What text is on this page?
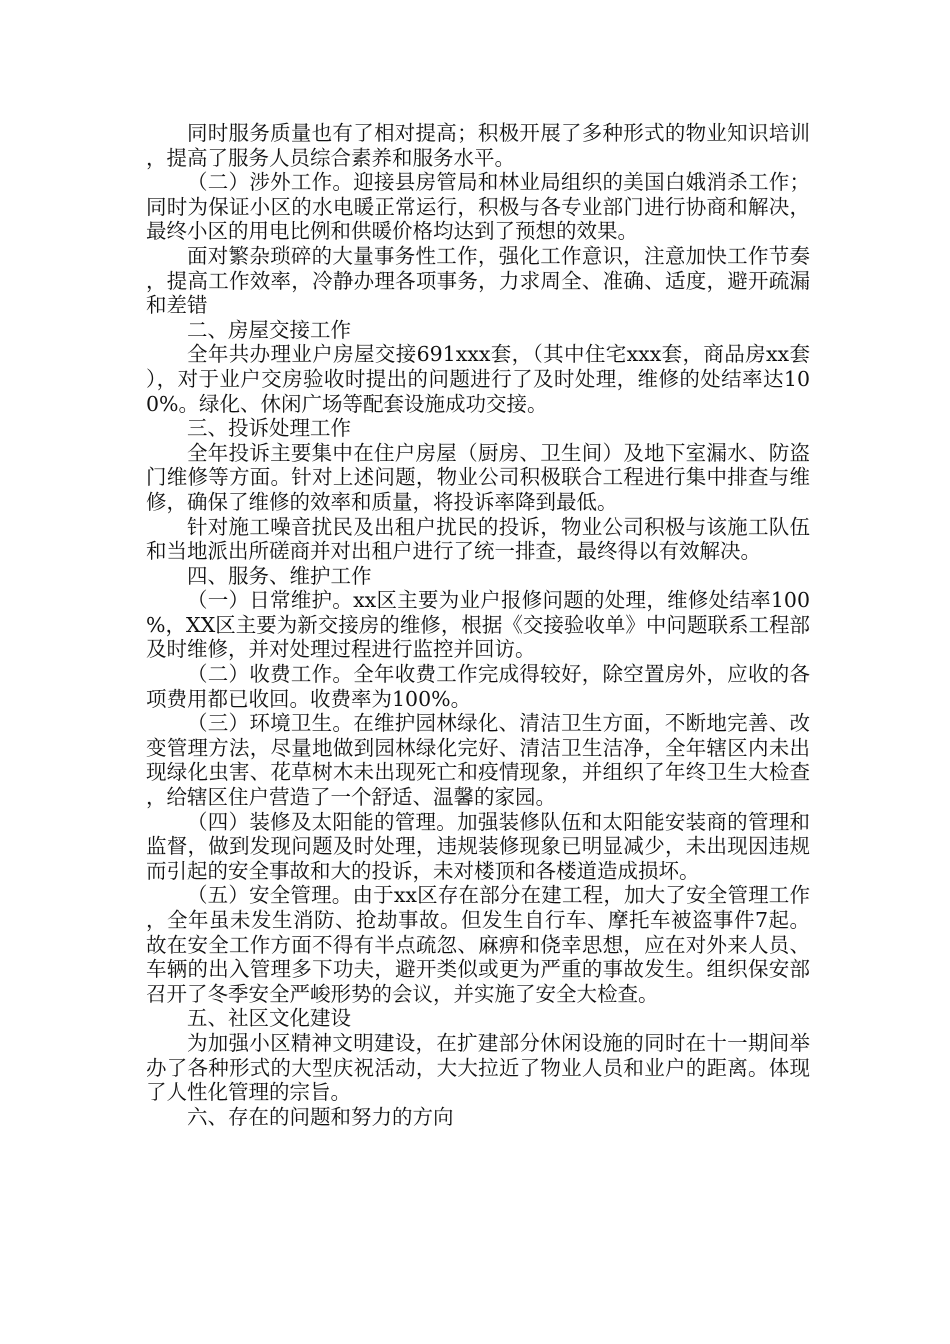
同时服务质量也有了相对提高；积极开展了多种形式的物业知识培训，提高了服务人员综合素养和服务水平。

（二）涉外工作。迎接县房管局和林业局组织的美国白娥消杀工作；同时为保证小区的水电暖正常运行，积极与各专业部门进行协商和解决，最终小区的用电比例和供暖价格均达到了预想的效果。

面对繁杂琐碎的大量事务性工作，强化工作意识，注意加快工作节奏，提高工作效率，冷静办理各项事务，力求周全、准确、适度，避开疏漏和差错

二、房屋交接工作

全年共办理业户房屋交接691xxx套，（其中住宅xxx套，商品房xx套），对于业户交房验收时提出的问题进行了及时处理，维修的处结率达100%。绿化、休闲广场等配套设施成功交接。

三、投诉处理工作

全年投诉主要集中在住户房屋（厨房、卫生间）及地下室漏水、防盗门维修等方面。针对上述问题，物业公司积极联合工程进行集中排查与维修，确保了维修的效率和质量，将投诉率降到最低。

针对施工噪音扰民及出租户扰民的投诉，物业公司积极与该施工队伍和当地派出所磋商并对出租户进行了统一排查，最终得以有效解决。

四、服务、维护工作

（一）日常维护。xx区主要为业户报修问题的处理，维修处结率100%，XX区主要为新交接房的维修，根据《交接验收单》中问题联系工程部及时维修，并对处理过程进行监控并回访。

（二）收费工作。全年收费工作完成得较好，除空置房外，应收的各项费用都已收回。收费率为100%。

（三）环境卫生。在维护园林绿化、清洁卫生方面，不断地完善、改变管理方法，尽量地做到园林绿化完好、清洁卫生洁净，全年辖区内未出现绿化虫害、花草树木未出现死亡和疫情现象，并组织了年终卫生大检查，给辖区住户营造了一个舒适、温馨的家园。

（四）装修及太阳能的管理。加强装修队伍和太阳能安装商的管理和监督，做到发现问题及时处理，违规装修现象已明显减少，未出现因违规而引起的安全事故和大的投诉，未对楼顶和各楼道造成损坏。

（五）安全管理。由于xx区存在部分在建工程，加大了安全管理工作，全年虽未发生消防、抢劫事故。但发生自行车、摩托车被盗事件7起。故在安全工作方面不得有半点疏忽、麻痹和侥幸思想，应在对外来人员、车辆的出入管理多下功夫，避开类似或更为严重的事故发生。组织保安部召开了冬季安全严峻形势的会议，并实施了安全大检查。

五、社区文化建设

为加强小区精神文明建设，在扩建部分休闲设施的同时在十一期间举办了各种形式的大型庆祝活动，大大拉近了物业人员和业户的距离。体现了人性化管理的宗旨。

六、存在的问题和努力的方向
